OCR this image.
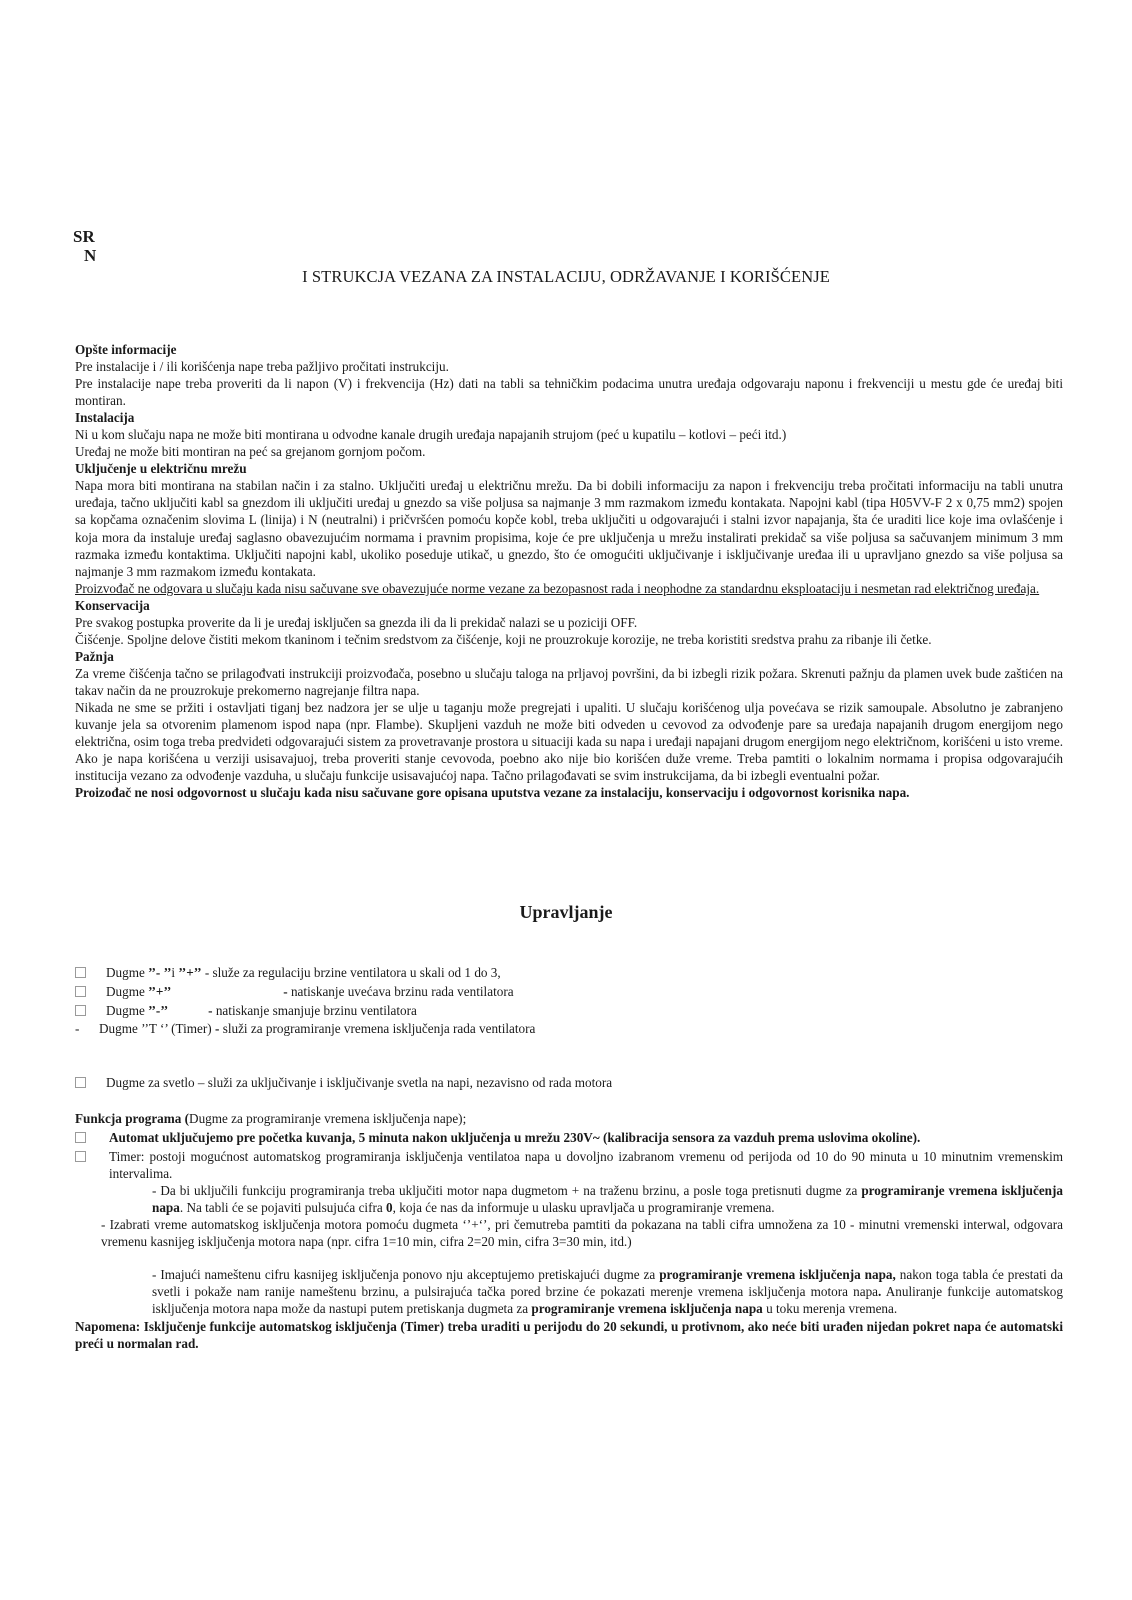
SR
N
I STRUKCJA VEZANA ZA INSTALACIJU, ODRŽAVANJE I KORIŠĆENJE

Opšte informacije

Pre instalacije i / ili korišćenja nape treba pažljivo pročitati instrukciju.

Pre instalacije nape treba proveriti da li napon (V) i frekvencija (Hz) dati na tabli sa tehničkim podacima unutra uređaja odgovaraju naponu i frekvenciji u mestu gde će uređaj biti montiran.

Instalacija

Ni u kom slučaju napa ne može biti montirana u odvodne kanale drugih uređaja napajanih strujom (peć u kupatilu – kotlovi – peći itd.)

Uređaj ne može biti montiran na peć sa grejanom gornjom počom.

Uključenje u električnu mrežu

Napa mora biti montirana na stabilan način i za stalno. Uključiti uređaj u električnu mrežu. Da bi dobili informaciju za napon i frekvenciju treba pročitati informaciju na tabli unutra uređaja, tačno uključiti kabl sa gnezdom ili uključiti uređaj u gnezdo sa više poljusa sa najmanje 3 mm razmakom između kontakata. Napojni kabl (tipa H05VV-F 2 x 0,75 mm2) spojen sa kopčama označenim slovima L (linija) i N (neutralni) i pričvršćen pomoću kopče kobl, treba uključiti u odgovarajući i stalni izvor napajanja, šta će uraditi lice koje ima ovlašćenje i koja mora da instaluje uređaj saglasno obavezujućim normama i pravnim propisima, koje će pre uključenja u mrežu instalirati prekidač sa više poljusa sa sačuvanjem minimum 3 mm razmaka između kontaktima. Uključiti napojni kabl, ukoliko poseduje utikač, u gnezdo, što će omogućiti uključivanje i isključivanje uređaa ili u upravljano gnezdo sa više poljusa sa najmanje 3 mm razmakom između kontakata.

Proizvođač ne odgovara u slučaju kada nisu sačuvane sve obavezujuće norme vezane za bezopasnost rada i neophodne za standardnu eksploataciju i nesmetan rad električnog uređaja.

Konservacija

Pre svakog postupka proverite da li je uređaj isključen sa gnezda ili da li prekidač nalazi se u poziciji OFF.

Čišćenje. Spoljne delove čistiti mekom tkaninom i tečnim sredstvom za čišćenje, koji ne prouzrokuje korozije, ne treba koristiti sredstva prahu za ribanje ili četke.

Pažnja

Za vreme čišćenja tačno se prilagođvati instrukciji proizvođača, posebno u slučaju taloga na prljavoj površini, da bi izbegli rizik požara. Skrenuti pažnju da plamen uvek bude zaštićen na takav način da ne prouzrokuje prekomerno nagrejanje filtra napa.

Nikada ne sme se pržiti i ostavljati tiganj bez nadzora jer se ulje u taganju može pregrejati i upaliti. U slučaju korišćenog ulja povećava se rizik samoupale. Absolutno je zabranjeno kuvanje jela sa otvorenim plamenom ispod napa (npr. Flambe). Skupljeni vazduh ne može biti odveden u cevovod za odvođenje pare sa uređaja napajanih drugom energijom nego električna, osim toga treba predvideti odgovarajući sistem za provetravanje prostora u situaciji kada su napa i uređaji napajani drugom energijom nego električnom, korišćeni u isto vreme. Ako je napa korišćena u verziji usisavajuoj, treba proveriti stanje cevovoda, poebno ako nije bio korišćen duže vreme. Treba pamtiti o lokalnim normama i propisa odgovarajućih institucija vezano za odvođenje vazduha, u slučaju funkcije usisavajućoj napa. Tačno prilagođavati se svim instrukcijama, da bi izbegli eventualni požar.

Proizođač ne nosi odgovornost u slučaju kada nisu sačuvane gore opisana uputstva vezane za instalaciju, konservaciju i odgovornost korisnika napa.

Upravljanje
Dugme ’’- ’’i ’’+’’ - služe za regulaciju brzine ventilatora u skali od 1 do 3,
Dugme ’’+’’	- natiskanje uvećava brzinu rada ventilatora
Dugme ’’-’’	- natiskanje smanjuje brzinu ventilatora
- Dugme ’’T ‘’ (Timer) - služi za programiranje vremena isključenja rada ventilatora
Dugme za svetlo – služi za uključivanje i isključivanje svetla na napi, nezavisno od rada motora

Funkcja programa (Dugme za programiranje vremena isključenja nape);

Automat uključujemo pre početka kuvanja, 5 minuta nakon uključenja u mrežu 230V~ (kalibracija sensora za vazduh prema uslovima okoline).
Timer: postoji mogućnost automatskog programiranja isključenja ventilatoa napa u dovoljno izabranom vremenu od perijoda od 10 do 90 minuta u 10 minutnim vremenskim intervalima.

- Da bi uključili funkciju programiranja treba uključiti motor napa dugmetom + na traženu brzinu, a posle toga pretisnuti dugme za programiranje vremena isključenja napa. Na tabli će se pojaviti pulsujuća cifra 0, koja će nas da informuje u ulasku upravljača u programiranje vremena.

- Izabrati vreme automatskog isključenja motora pomoću dugmeta ‘’+‘’, pri čemutreba pamtiti da pokazana na tabli cifra umnožena za 10 - minutni vremenski interwal, odgovara vremenu kasnijeg isključenja motora napa (npr. cifra 1=10 min, cifra 2=20 min, cifra 3=30 min, itd.)

- Imajući nameštenu cifru kasnijeg isključenja ponovo nju akceptujemo pretiskajući dugme za programiranje vremena isključenja napa, nakon toga tabla će prestati da svetli i pokaže nam ranije nameštenu brzinu, a pulsirajuća tačka pored brzine će pokazati merenje vremena isključenja motora napa. Anuliranje funkcije automatskog isključenja motora napa može da nastupi putem pretiskanja dugmeta za programiranje vremena isključenja napa u toku merenja vremena.

Napomena: Isključenje funkcije automatskog isključenja (Timer) treba uraditi u perijodu do 20 sekundi, u protivnom, ako neće biti urađen nijedan pokret napa će automatski preći u normalan rad.
